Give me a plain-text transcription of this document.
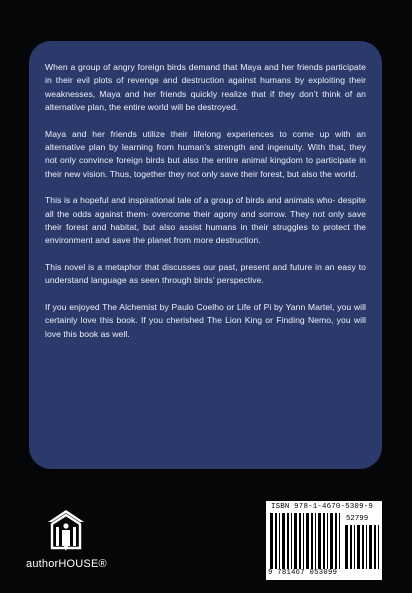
When a group of angry foreign birds demand that Maya and her friends participate in their evil plots of revenge and destruction against humans by exploiting their weaknesses, Maya and her friends quickly realize that if they don’t think of an alternative plan, the entire world will be destroyed.

Maya and her friends utilize their lifelong experiences to come up with an alternative plan by learning from human’s strength and ingenuity. With that, they not only convince foreign birds but also the entire animal kingdom to participate in their new vision. Thus, together they not only save their forest, but also the world.

This is a hopeful and inspirational tale of a group of birds and animals who- despite all the odds against them- overcome their agony and sorrow. They not only save their forest and habitat, but also assist humans in their struggles to protect the environment and save the planet from more destruction.

This novel is a metaphor that discusses our past, present and future in an easy to understand language as seen through birds’ perspective.

If you enjoyed The Alchemist by Paulo Coelho or Life of Pi by Yann Martel, you will certainly love this book. If you cherished The Lion King or Finding Nemo, you will love this book as well.

authorHOUSE®
ISBN 978-1-4670-5309-9
52799
9 781467 053099
